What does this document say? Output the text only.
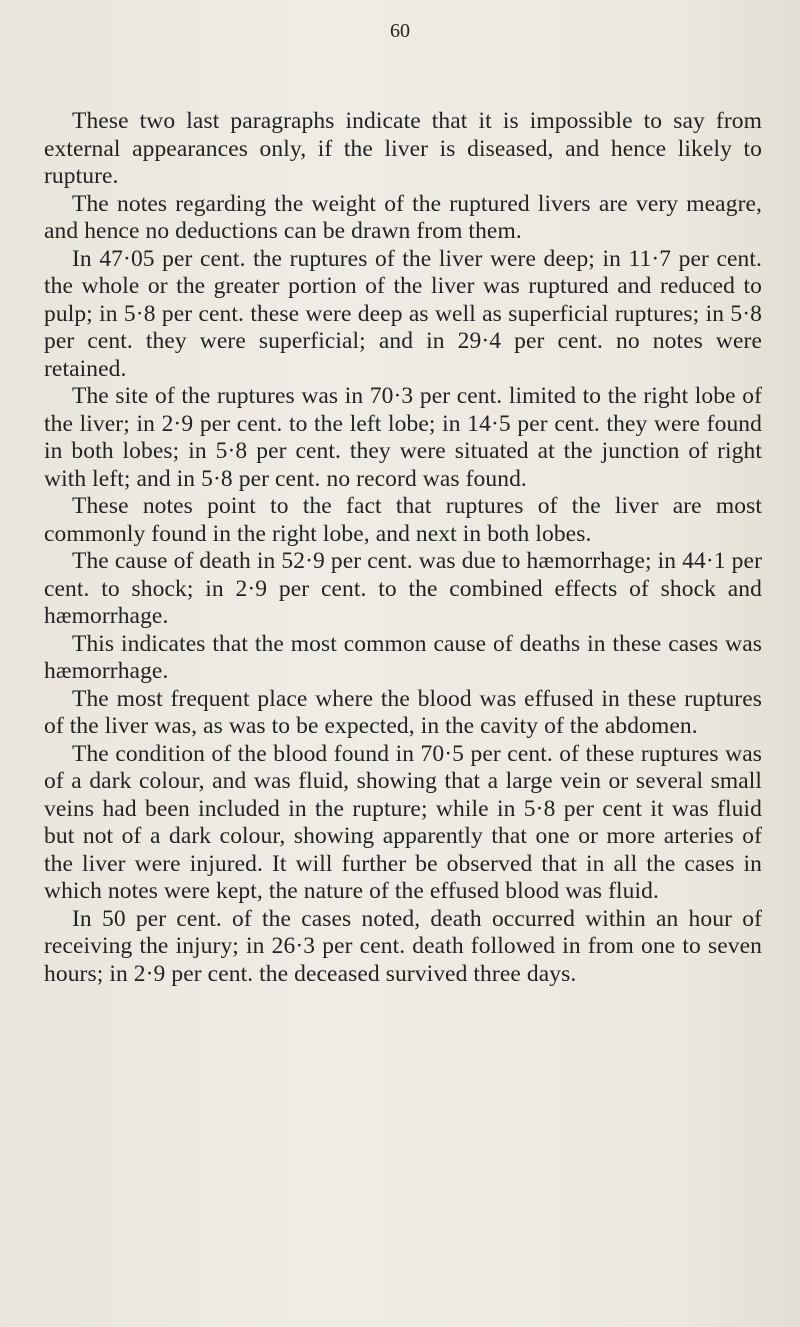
60

These two last paragraphs indicate that it is impossible to say from external appearances only, if the liver is diseased, and hence likely to rupture.

The notes regarding the weight of the ruptured livers are very meagre, and hence no deductions can be drawn from them.

In 47·05 per cent. the ruptures of the liver were deep; in 11·7 per cent. the whole or the greater portion of the liver was ruptured and reduced to pulp; in 5·8 per cent. these were deep as well as superficial ruptures; in 5·8 per cent. they were superficial; and in 29·4 per cent. no notes were retained.

The site of the ruptures was in 70·3 per cent. limited to the right lobe of the liver; in 2·9 per cent. to the left lobe; in 14·5 per cent. they were found in both lobes; in 5·8 per cent. they were situated at the junction of right with left; and in 5·8 per cent. no record was found.

These notes point to the fact that ruptures of the liver are most commonly found in the right lobe, and next in both lobes.

The cause of death in 52·9 per cent. was due to hæmorrhage; in 44·1 per cent. to shock; in 2·9 per cent. to the combined effects of shock and hæmorrhage.

This indicates that the most common cause of deaths in these cases was hæmorrhage.

The most frequent place where the blood was effused in these ruptures of the liver was, as was to be expected, in the cavity of the abdomen.

The condition of the blood found in 70·5 per cent. of these ruptures was of a dark colour, and was fluid, showing that a large vein or several small veins had been included in the rupture; while in 5·8 per cent it was fluid but not of a dark colour, showing apparently that one or more arteries of the liver were injured. It will further be observed that in all the cases in which notes were kept, the nature of the effused blood was fluid.

In 50 per cent. of the cases noted, death occurred within an hour of receiving the injury; in 26·3 per cent. death followed in from one to seven hours; in 2·9 per cent. the deceased survived three days.
